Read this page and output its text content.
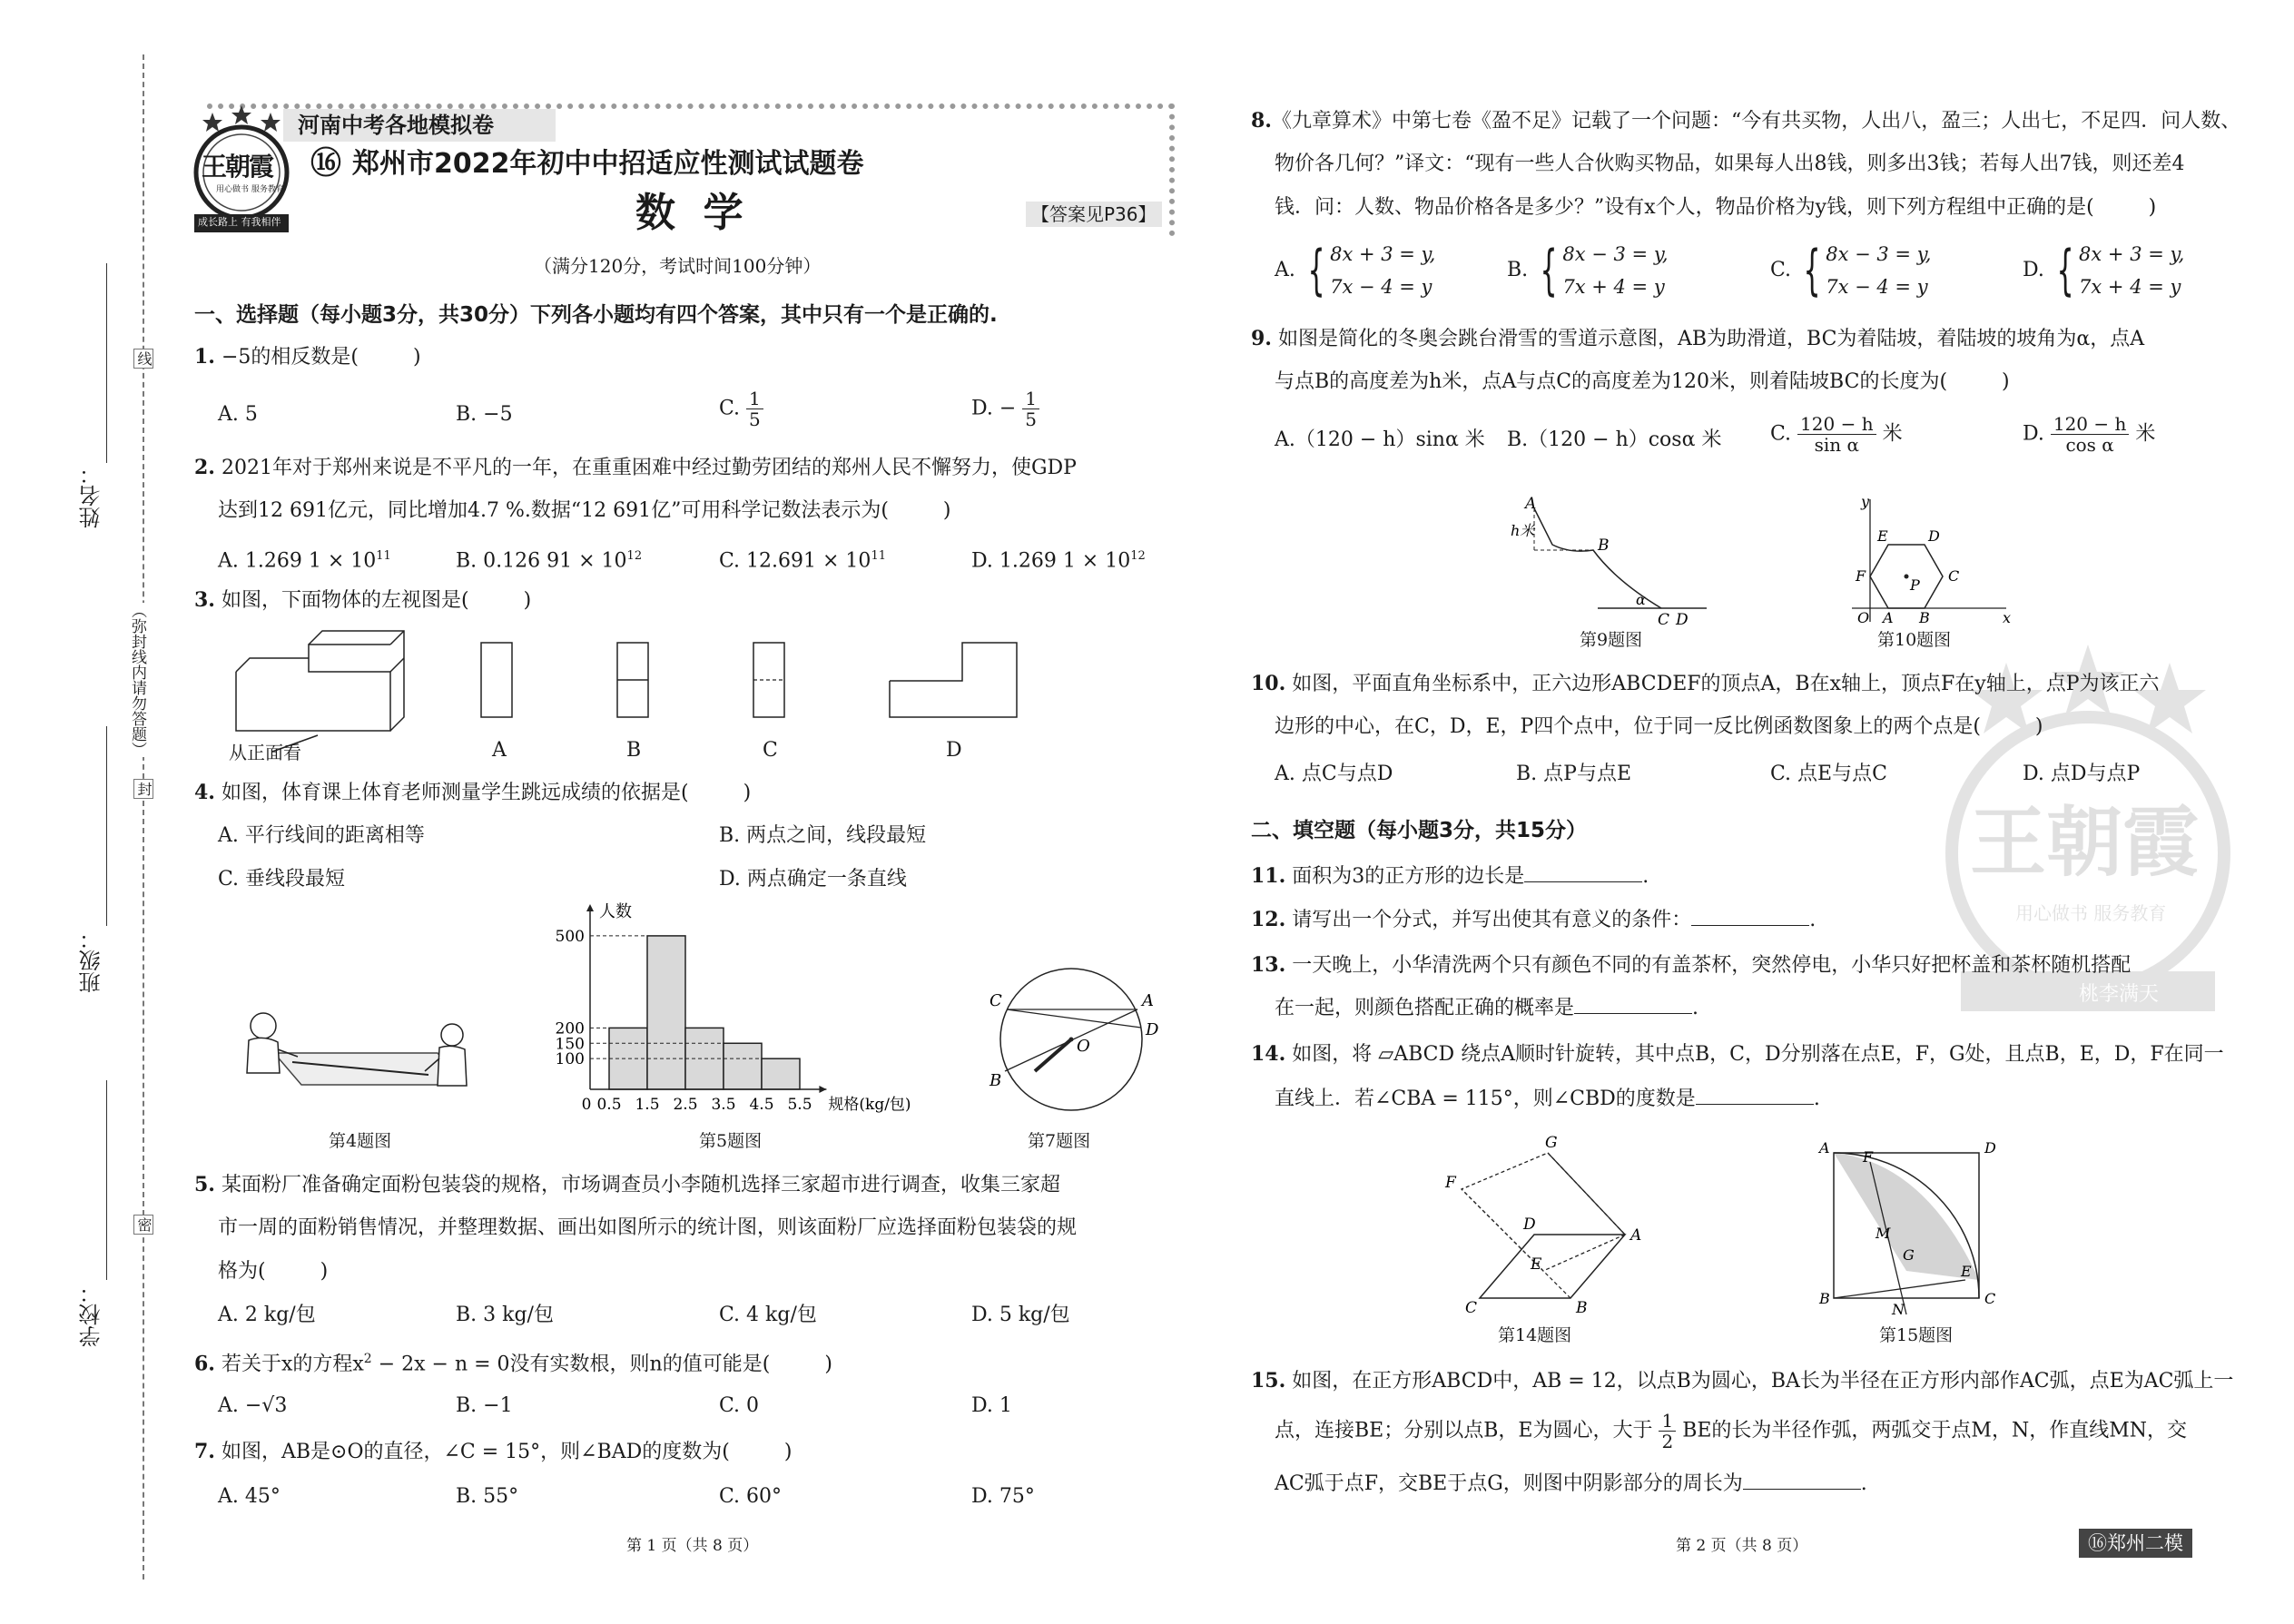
线
封
密
（弥封线内请勿答题）
姓名：
班级：
学校：
河南中考各地模拟卷
王朝霞
用心做书 服务教育
成长路上 有我相伴
⑯ 郑州市2022年初中中招适应性测试试题卷
数  学	【答案见P36】
（满分120分，考试时间100分钟）
一、选择题（每小题3分，共30分）下列各小题均有四个答案，其中只有一个是正确的.
1. −5的相反数是(	)
A. 5	B. −5	C. $\frac{1}{5}$	D. − $\frac{1}{5}$
2. 2021年对于郑州来说是不平凡的一年，在重重困难中经过勤劳团结的郑州人民不懈努力，使GDP
达到12 691亿元，同比增加4.7 %.数据“12 691亿”可用科学记数法表示为(	)
A. 1.269 $1 \times 10^{11}$	B. 0.126 $91 \times 10^{12}$	C. $12.691 \times 10^{11}$	D. 1.269 $1 \times 10^{12}$
3. 如图，下面物体的左视图是(	)
从正面看	A	B	C	D
4. 如图，体育课上体育老师测量学生跳远成绩的依据是(	)
A. 平行线间的距离相等	B. 两点之间，线段最短
C. 垂线段最短	D. 两点确定一条直线
第4题图
100
150
200
500
0 0.5 1.5 2.5 3.5 4.5 5.5
人数
规格(kg/包)
第5题图
C	A
D
O
B
第7题图
5. 某面粉厂准备确定面粉包装袋的规格，市场调查员小李随机选择三家超市进行调查，收集三家超
市一周的面粉销售情况，并整理数据、画出如图所示的统计图，则该面粉厂应选择面粉包装袋的规
格为(	)
A. 2 kg/包	B. 3 kg/包	C. 4 kg/包	D. 5 kg/包
6. 若关于x的方程$x^2 - 2x - n = 0$没有实数根，则n的值可能是(	)
A. −√3	B. −1	C. 0	D. 1
7. 如图，AB是⊙O的直径，∠C = 15°，则∠BAD的度数为(	)
A. 45°	B. 55°	C. 60°	D. 75°
第 1 页（共 8 页）
8.《九章算术》中第七卷《盈不足》记载了一个问题：“今有共买物，人出八，盈三；人出七，不足四．问人数、
物价各几何？”译文：“现有一些人合伙购买物品，如果每人出8钱，则多出3钱；若每人出7钱，则还差4
钱．问：人数、物品价格各是多少？”设有x个人，物品价格为y钱，则下列方程组中正确的是(	)
A. { 8x + 3 = y,
7x − 4 = y
B. { 8x − 3 = y,
7x + 4 = y
C. { 8x − 3 = y,
7x − 4 = y
D. { 8x + 3 = y,
7x + 4 = y
9. 如图是简化的冬奥会跳台滑雪的雪道示意图，AB为助滑道，BC为着陆坡，着陆坡的坡角为α，点A
与点B的高度差为h米，点A与点C的高度差为120米，则着陆坡BC的长度为(	)
A.（120 − h）sinα 米 B.（120 − h）cosα 米 C. $\frac{120 - h}{\text{sin α}}$ 米	D. $\frac{120 - h}{\text{cos α}}$ 米
A
h米
B
α
C D
第9题图
y
E	D
F	C
P
O A B	x
第10题图
10. 如图，平面直角坐标系中，正六边形ABCDEF的顶点A，B在x轴上，顶点F在y轴上，点P为该正六
边形的中心，在C，D，E，P四个点中，位于同一反比例函数图象上的两个点是(	)
A. 点C与点D	B. 点P与点E	C. 点E与点C	D. 点D与点P
二、填空题（每小题3分，共15分）
11. 面积为3的正方形的边长是	.
12. 请写出一个分式，并写出使其有意义的条件：	.
13. 一天晚上，小华清洗两个只有颜色不同的有盖茶杯，突然停电，小华只好把杯盖和茶杯随机搭配
在一起，则颜色搭配正确的概率是	.
14. 如图，将 ▱ABCD 绕点A顺时针旋转，其中点B，C，D分别落在点E，F，G处，且点B，E，D，F在同一
直线上．若∠CBA = 115°，则∠CBD的度数是	.
G
F
D
A
E
C	B
第14题图
A	D
F
M
G
B
E
C
N
第15题图
15. 如图，在正方形ABCD中，AB = 12，以点B为圆心，BA长为半径在正方形内部作AC弧，点E为AC弧上一
点，连接BE；分别以点B，E为圆心，大于 $\frac{1}{2}$ BE的长为半径作弧，两弧交于点M，N，作直线MN，交
AC弧于点F，交BE于点G，则图中阴影部分的周长为	.
第 2 页（共 8 页）	⑯郑州二模
王朝霞
用心做书 服务教育
桃李满天
